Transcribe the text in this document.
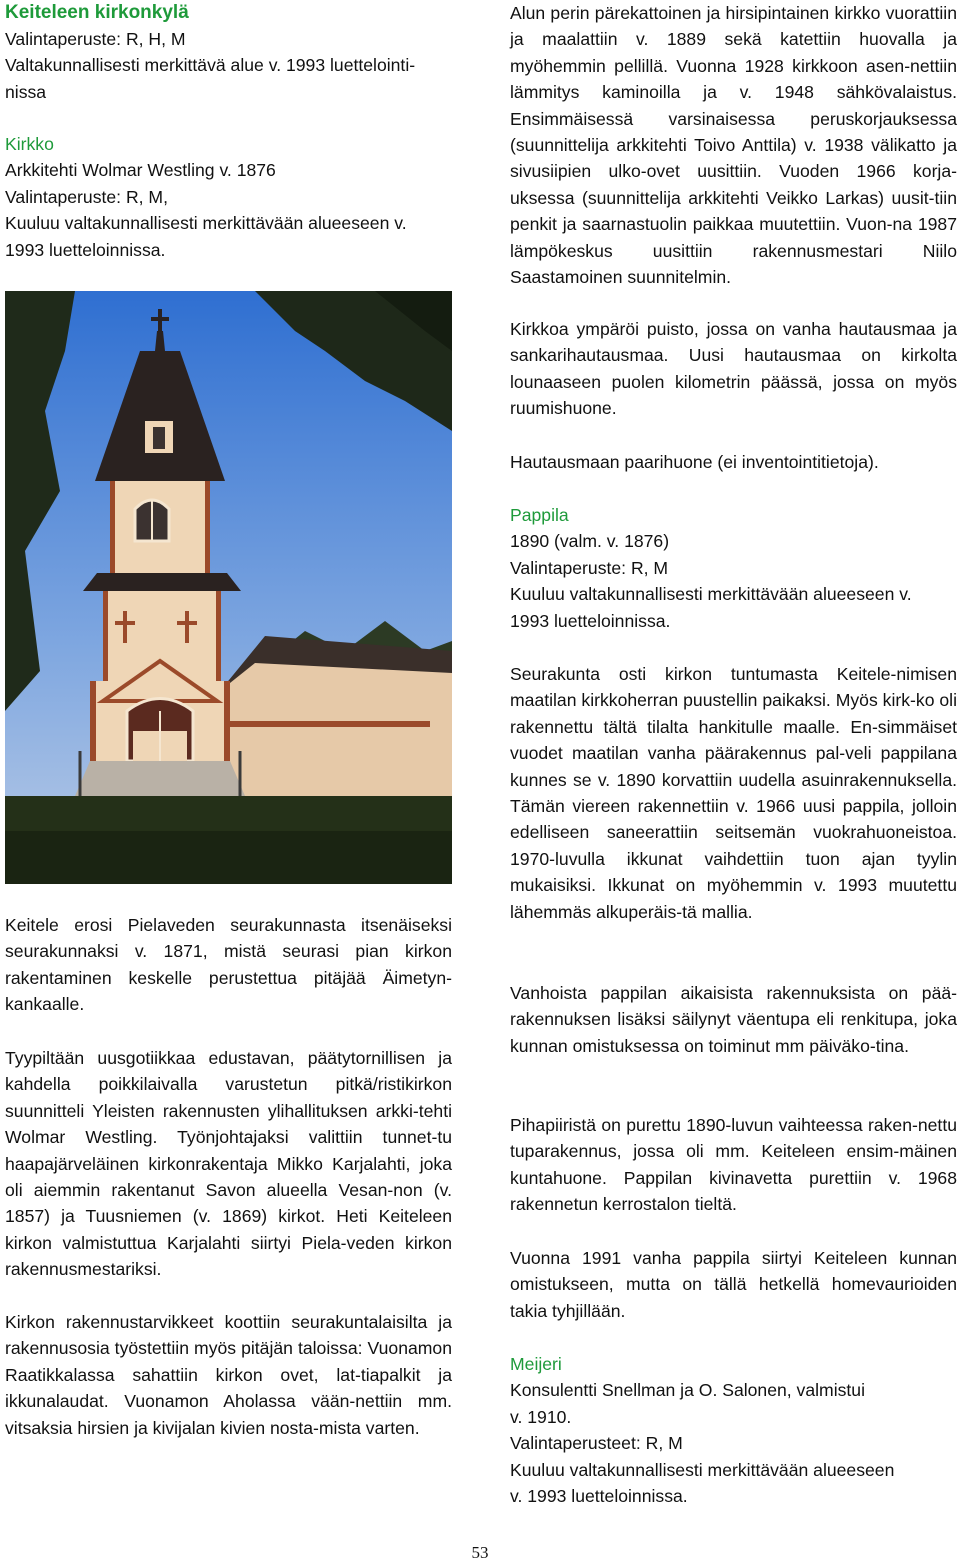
Keiteleen kirkonkylä

Valintaperuste: R, H, M

Valtakunnallisesti merkittävä alue v. 1993 luettelointi-
nissa

Kirkko

Arkkitehti Wolmar Westling v. 1876

Valintaperuste: R, M,

Kuuluu valtakunnallisesti merkittävään alueeseen v.
1993 luetteloinnissa.

Keitele erosi Pielaveden seurakunnasta itsenäiseksi seurakunnaksi v. 1871, mistä seurasi pian kirkon rakentaminen keskelle perustettua pitäjää Äimetyn-kankaalle.

Tyypiltään uusgotiikkaa edustavan, päätytornillisen ja kahdella poikkilaivalla varustetun pitkä/ristikirkon suunnitteli Yleisten rakennusten ylihallituksen arkki-tehti Wolmar Westling. Työnjohtajaksi valittiin tunnet-tu haapajärveläinen kirkonrakentaja Mikko Karjalahti, joka oli aiemmin rakentanut Savon alueella Vesan-non (v. 1857) ja Tuusniemen (v. 1869) kirkot. Heti Keiteleen kirkon valmistuttua Karjalahti siirtyi Piela-veden kirkon rakennusmestariksi.

Kirkon rakennustarvikkeet koottiin seurakuntalaisilta ja rakennusosia työstettiin myös pitäjän taloissa: Vuonamon Raatikkalassa sahattiin kirkon ovet, lat-tiapalkit ja ikkunalaudat. Vuonamon Aholassa vään-nettiin mm. vitsaksia hirsien ja kivijalan kivien nosta-mista varten.

Alun perin pärekattoinen ja hirsipintainen kirkko vuorattiin ja maalattiin v. 1889 sekä katettiin huovalla ja myöhemmin pellillä. Vuonna 1928 kirkkoon asen-nettiin lämmitys kaminoilla ja v. 1948 sähkövalaistus. Ensimmäisessä varsinaisessa peruskorjauksessa (suunnittelija arkkitehti Toivo Anttila) v. 1938 välikatto ja sivusiipien ulko-ovet uusittiin. Vuoden 1966 korja-uksessa (suunnittelija arkkitehti Veikko Larkas) uusit-tiin penkit ja saarnastuolin paikkaa muutettiin. Vuon-na 1987 lämpökeskus uusittiin rakennusmestari Niilo Saastamoinen suunnitelmin.

Kirkkoa ympäröi puisto, jossa on vanha hautausmaa ja sankarihautausmaa. Uusi hautausmaa on kirkolta lounaaseen puolen kilometrin päässä, jossa on myös ruumishuone.

Hautausmaan paarihuone (ei inventointitietoja).

Pappila

1890 (valm. v. 1876)

Valintaperuste: R, M

Kuuluu valtakunnallisesti merkittävään alueeseen v.
1993 luetteloinnissa.

Seurakunta osti kirkon tuntumasta Keitele-nimisen maatilan kirkkoherran puustellin paikaksi. Myös kirk-ko oli rakennettu tältä tilalta hankitulle maalle. En-simmäiset vuodet maatilan vanha päärakennus pal-veli pappilana kunnes se v. 1890 korvattiin uudella asuinrakennuksella. Tämän viereen rakennettiin v. 1966 uusi pappila, jolloin edelliseen saneerattiin seitsemän vuokrahuoneistoa. 1970-luvulla ikkunat vaihdettiin tuon ajan tyylin mukaisiksi. Ikkunat on myöhemmin v. 1993 muutettu lähemmäs alkuperäis-tä mallia.

Vanhoista pappilan aikaisista rakennuksista on pää-rakennuksen lisäksi säilynyt väentupa eli renkitupa, joka kunnan omistuksessa on toiminut mm päiväko-tina.

Pihapiiristä on purettu 1890-luvun vaihteessa raken-nettu tuparakennus, jossa oli mm. Keiteleen ensim-mäinen kuntahuone. Pappilan kivinavetta purettiin v. 1968 rakennetun kerrostalon tieltä.

Vuonna 1991 vanha pappila siirtyi Keiteleen kunnan omistukseen, mutta on tällä hetkellä homevaurioiden takia tyhjillään.

Meijeri

Konsulentti Snellman ja O. Salonen, valmistui

v. 1910.

Valintaperusteet: R, M

Kuuluu valtakunnallisesti merkittävään alueeseen

v. 1993 luetteloinnissa.

53
